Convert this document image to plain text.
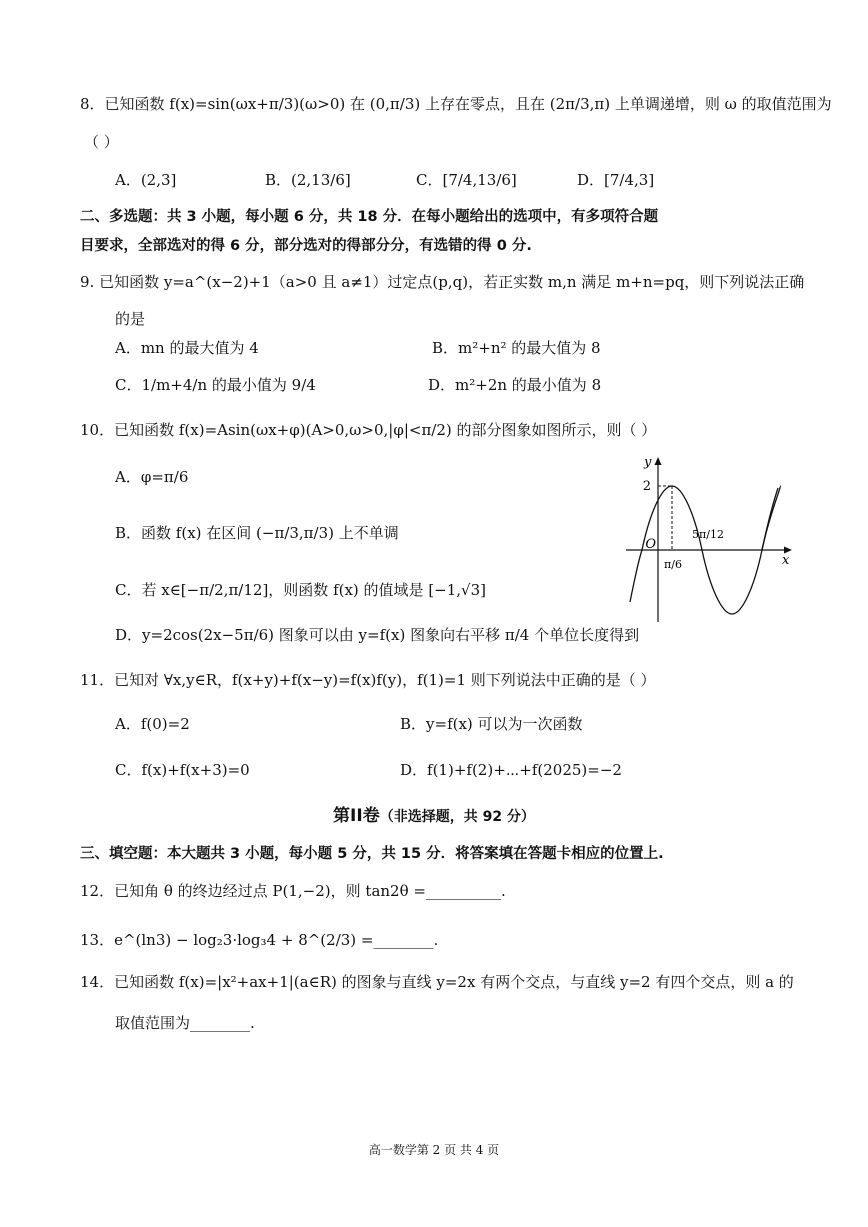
8．已知函数 f(x)=sin(ωx+π/3)(ω>0) 在 (0,π/3) 上存在零点，且在 (2π/3,π) 上单调递增，则 ω 的取值范围为
（ ）
A．(2,3]	B．(2,13/6]	C．[7/4,13/6]	D．[7/4,3]
二、多选题：共 3 小题，每小题 6 分，共 18 分．在每小题给出的选项中，有多项符合题
目要求，全部选对的得 6 分，部分选对的得部分分，有选错的得 0 分.
9. 已知函数 y=a^(x−2)+1（a>0 且 a≠1）过定点(p,q)，若正实数 m,n 满足 m+n=pq，则下列说法正确
的是
A．mn 的最大值为 4	B．m²+n² 的最大值为 8
C．1/m+4/n 的最小值为 9/4	D．m²+2n 的最小值为 8
10．已知函数 f(x)=Asin(ωx+φ)(A>0,ω>0,|φ|<π/2) 的部分图象如图所示，则（ ）
A．φ=π/6
B．函数 f(x) 在区间 (−π/3,π/3) 上不单调
C．若 x∈[−π/2,π/12]，则函数 f(x) 的值域是 [−1,√3]
D．y=2cos(2x−5π/6) 图象可以由 y=f(x) 图象向右平移 π/4 个单位长度得到
y
x
O
2
π/6
5π/12
11．已知对 ∀x,y∈R，f(x+y)+f(x−y)=f(x)f(y)，f(1)=1 则下列说法中正确的是（ ）
A．f(0)=2	B．y=f(x) 可以为一次函数
C．f(x)+f(x+3)=0	D．f(1)+f(2)+⋯+f(2025)=−2
第II卷（非选择题，共 92 分）
三、填空题：本大题共 3 小题，每小题 5 分，共 15 分．将答案填在答题卡相应的位置上.
12．已知角 θ 的终边经过点 P(1,−2)，则 tan2θ =__________.
13．e^(ln3) − log₂3·log₃4 + 8^(2/3) =________.
14．已知函数 f(x)=|x²+ax+1|(a∈R) 的图象与直线 y=2x 有两个交点，与直线 y=2 有四个交点，则 a 的
取值范围为________.
高一数学第 2 页 共 4 页
